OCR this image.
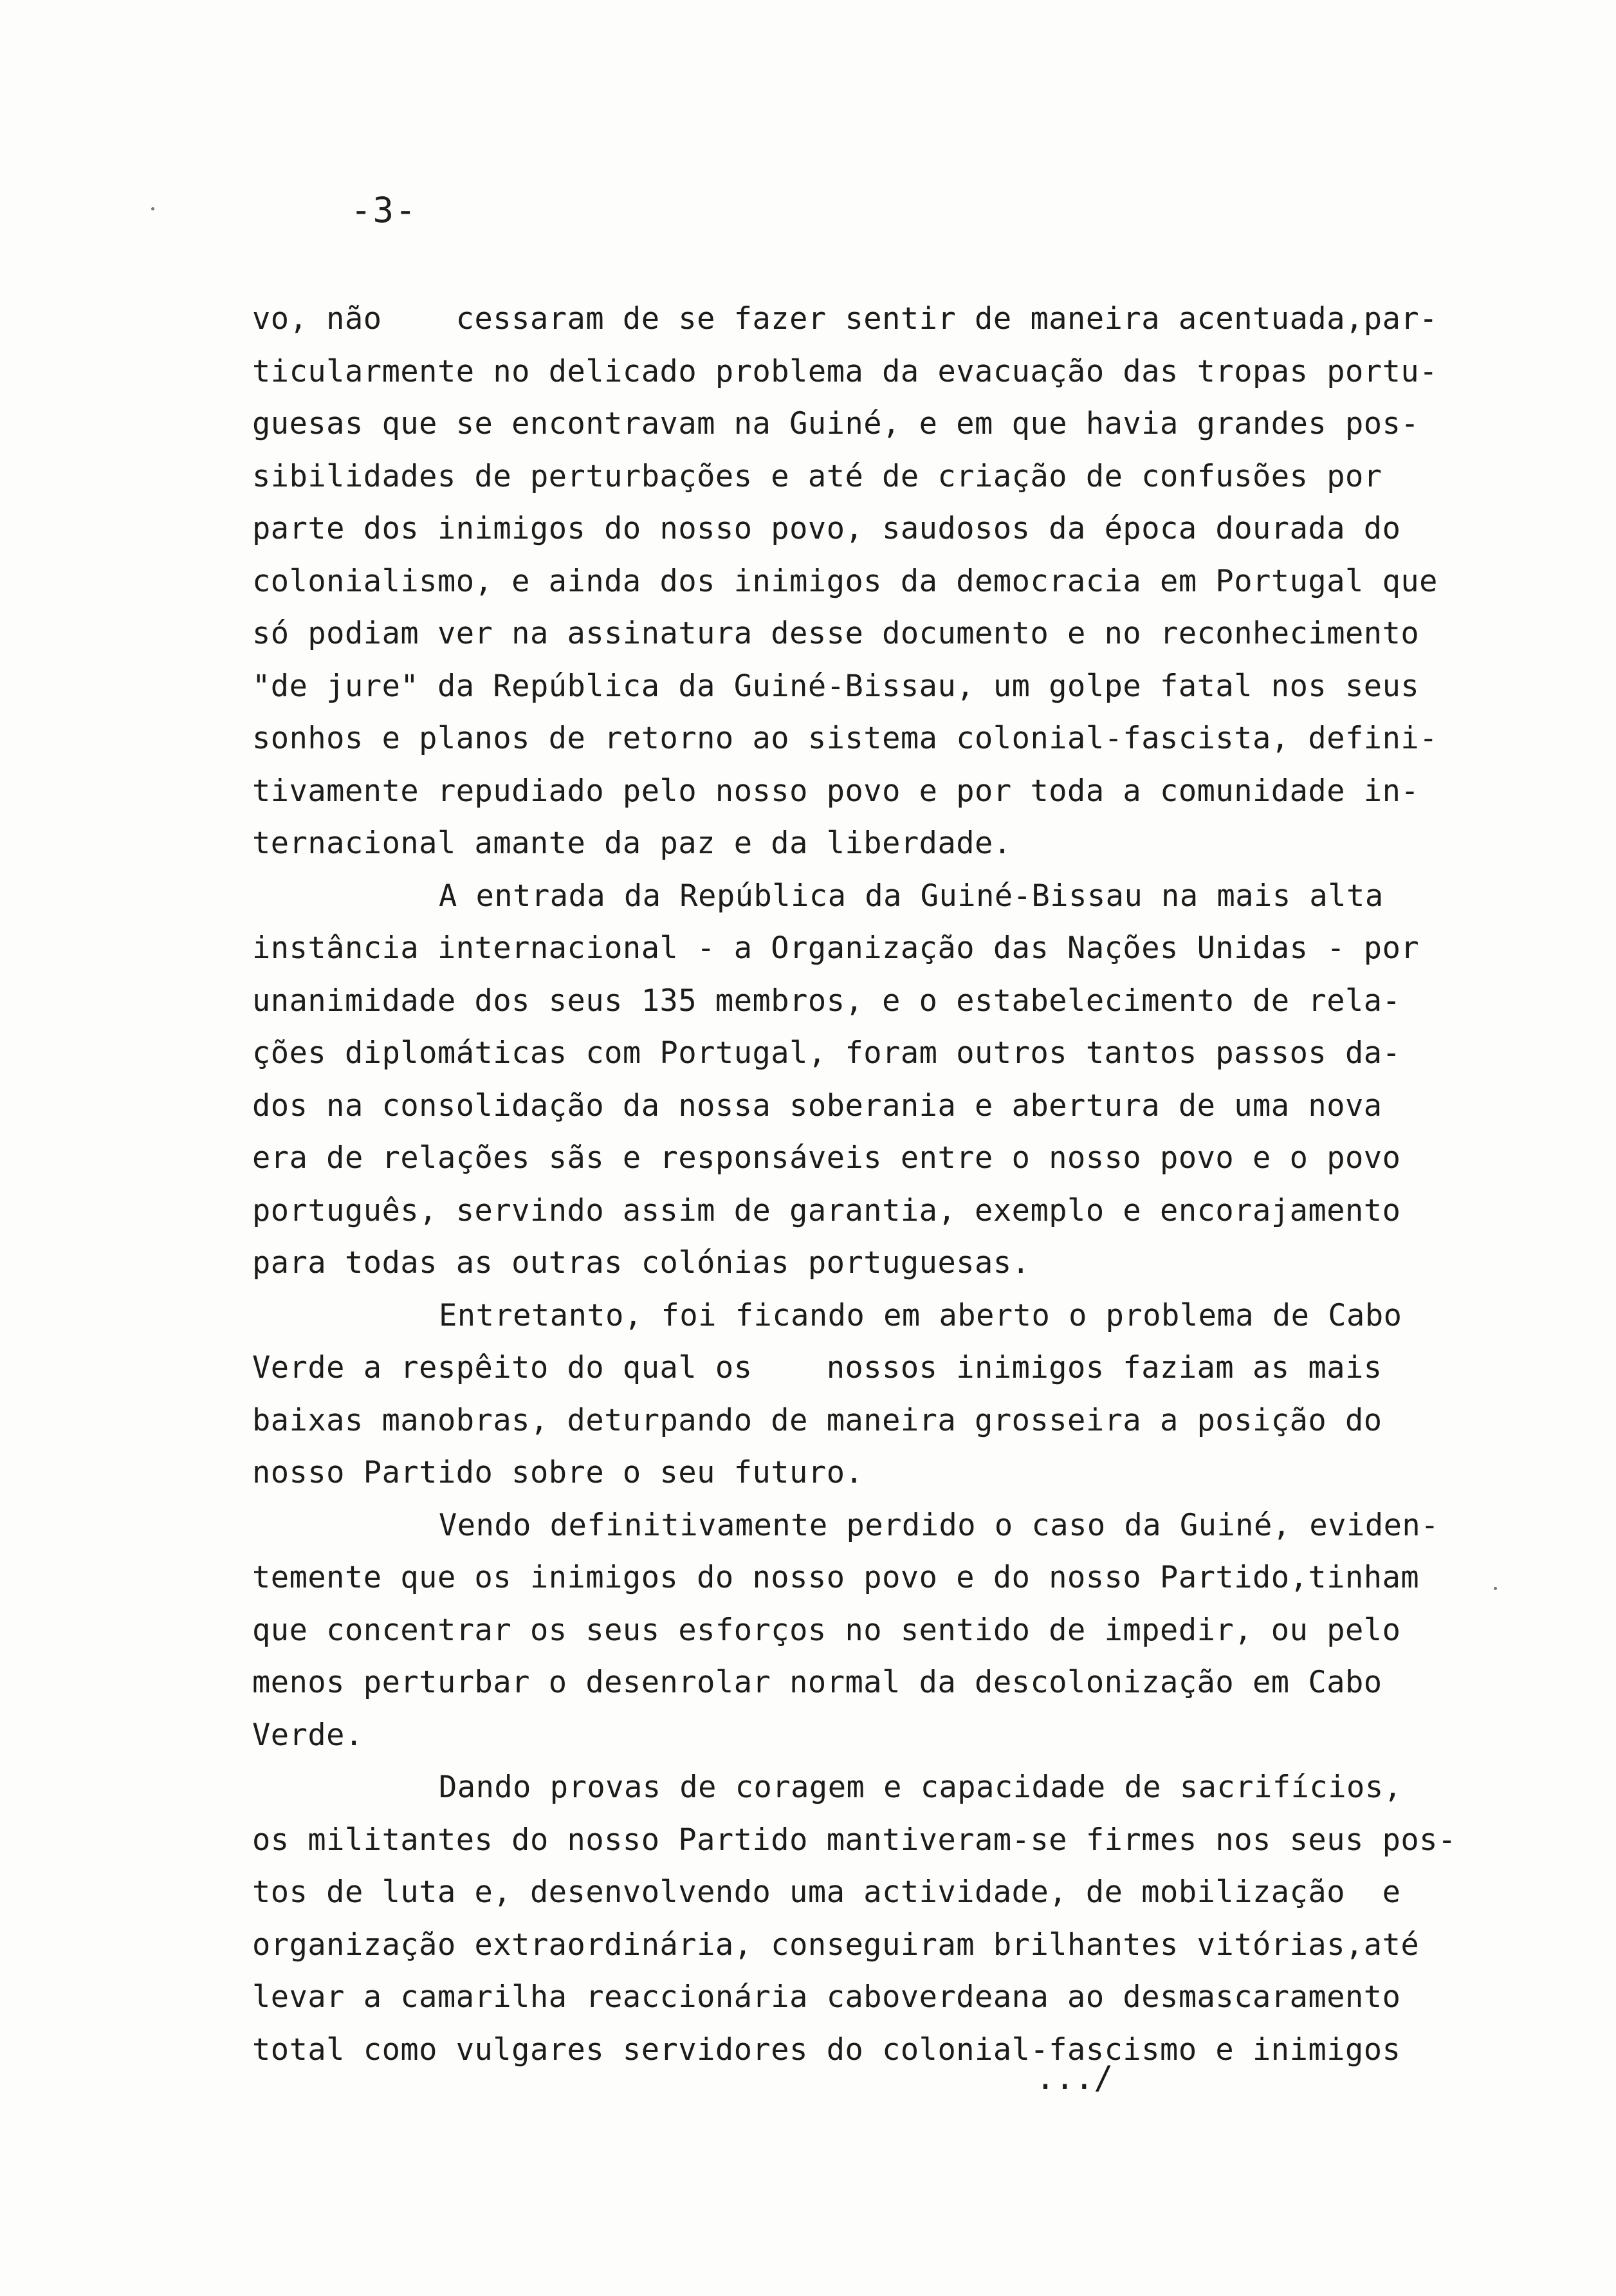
-3-

vo, não    cessaram de se fazer sentir de maneira acentuada,par-
ticularmente no delicado problema da evacuação das tropas portu-
guesas que se encontravam na Guiné, e em que havia grandes pos-
sibilidades de perturbações e até de criação de confusões por
parte dos inimigos do nosso povo, saudosos da época dourada do
colonialismo, e ainda dos inimigos da democracia em Portugal que
só podiam ver na assinatura desse documento e no reconhecimento
"de jure" da República da Guiné-Bissau, um golpe fatal nos seus
sonhos e planos de retorno ao sistema colonial-fascista, defini-
tivamente repudiado pelo nosso povo e por toda a comunidade in-
ternacional amante da paz e da liberdade.
A entrada da República da Guiné-Bissau na mais alta
instância internacional - a Organização das Nações Unidas - por
unanimidade dos seus 135 membros, e o estabelecimento de rela-
ções diplomáticas com Portugal, foram outros tantos passos da-
dos na consolidação da nossa soberania e abertura de uma nova
era de relações sãs e responsáveis entre o nosso povo e o povo
português, servindo assim de garantia, exemplo e encorajamento
para todas as outras colónias portuguesas.
Entretanto, foi ficando em aberto o problema de Cabo
Verde a respêito do qual os    nossos inimigos faziam as mais
baixas manobras, deturpando de maneira grosseira a posição do
nosso Partido sobre o seu futuro.
Vendo definitivamente perdido o caso da Guiné, eviden-
temente que os inimigos do nosso povo e do nosso Partido,tinham
que concentrar os seus esforços no sentido de impedir, ou pelo
menos perturbar o desenrolar normal da descolonização em Cabo
Verde.
Dando provas de coragem e capacidade de sacrifícios,
os militantes do nosso Partido mantiveram-se firmes nos seus pos-
tos de luta e, desenvolvendo uma actividade, de mobilização  e
organização extraordinária, conseguiram brilhantes vitórias,até
levar a camarilha reaccionária caboverdeana ao desmascaramento
total como vulgares servidores do colonial-fascismo e inimigos

.../
